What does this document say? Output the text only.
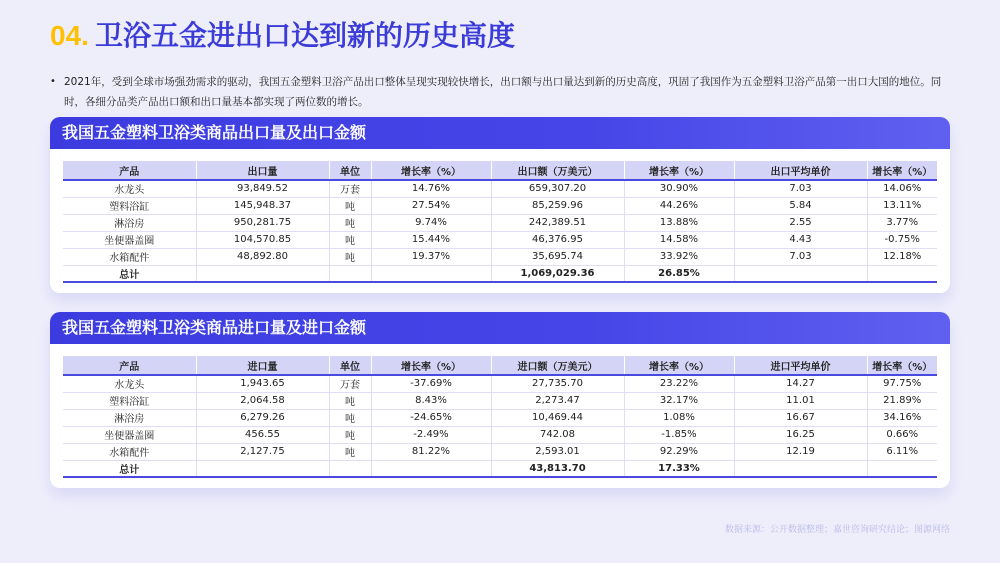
04. 卫浴五金进出口达到新的历史高度
• 2021年，受到全球市场强劲需求的驱动，我国五金塑料卫浴产品出口整体呈现实现较快增长，出口额与出口量达到新的历史高度，巩固了我国作为五金塑料卫浴产品第一出口大国的地位。同时，各细分品类产品出口额和出口量基本都实现了两位数的增长。
我国五金塑料卫浴类商品出口量及出口金额
产品	出口量	单位	增长率（%）	出口额（万美元）	增长率（%）	出口平均单价	增长率（%）
水龙头	93,849.52	万套	14.76%	659,307.20	30.90%	7.03	14.06%
塑料浴缸	145,948.37	吨	27.54%	85,259.96	44.26%	5.84	13.11%
淋浴房	950,281.75	吨	9.74%	242,389.51	13.88%	2.55	3.77%
坐便器盖圈	104,570.85	吨	15.44%	46,376.95	14.58%	4.43	-0.75%
水箱配件	48,892.80	吨	19.37%	35,695.74	33.92%	7.03	12.18%
总计				1,069,029.36	26.85%		
我国五金塑料卫浴类商品进口量及进口金额
产品	进口量	单位	增长率（%）	进口额（万美元）	增长率（%）	进口平均单价	增长率（%）
水龙头	1,943.65	万套	-37.69%	27,735.70	23.22%	14.27	97.75%
塑料浴缸	2,064.58	吨	8.43%	2,273.47	32.17%	11.01	21.89%
淋浴房	6,279.26	吨	-24.65%	10,469.44	1.08%	16.67	34.16%
坐便器盖圈	456.55	吨	-2.49%	742.08	-1.85%	16.25	0.66%
水箱配件	2,127.75	吨	81.22%	2,593.01	92.29%	12.19	6.11%
总计				43,813.70	17.33%		
数据来源：公开数据整理；嘉世咨询研究结论；图源网络
